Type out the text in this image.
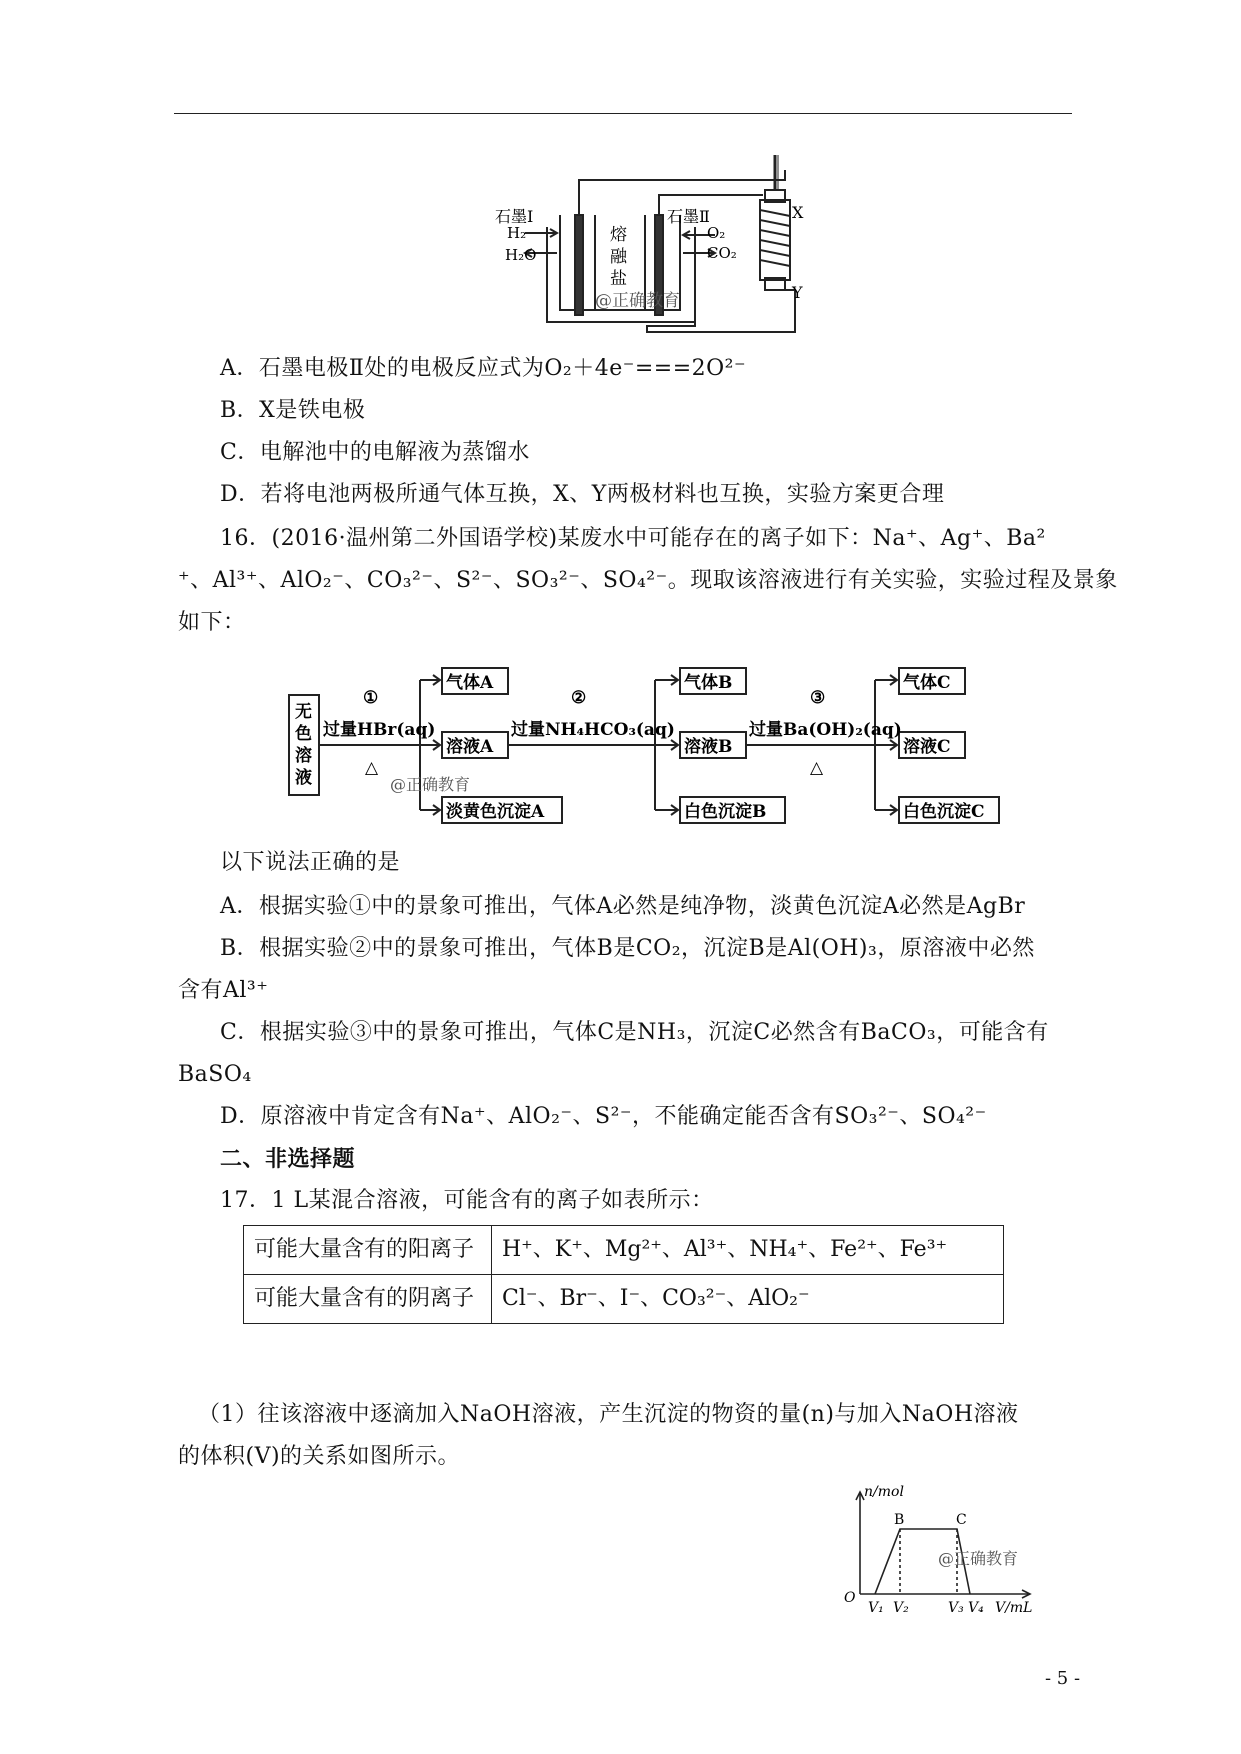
石墨Ⅰ	石墨Ⅱ
H₂
H₂O
O₂
CO₂
熔
融
盐
X
Y
@正确教育
A．石墨电极Ⅱ处的电极反应式为O₂＋4e⁻===2O²⁻
B．X是铁电极
C．电解池中的电解液为蒸馏水
D．若将电池两极所通气体互换，X、Y两极材料也互换，实验方案更合理
16．(2016·温州第二外国语学校)某废水中可能存在的离子如下：Na⁺、Ag⁺、Ba²
⁺、Al³⁺、AlO₂⁻、CO₃²⁻、S²⁻、SO₃²⁻、SO₄²⁻。现取该溶液进行有关实验，实验过程及景象
如下：
无
色
溶
液
①
过量HBr(aq)
△
气体A
溶液A
淡黄色沉淀A
②
过量NH₄HCO₃(aq)
气体B
溶液B
白色沉淀B
③
过量Ba(OH)₂(aq)
△
气体C
溶液C
白色沉淀C
@正确教育
以下说法正确的是
A．根据实验①中的景象可推出，气体A必然是纯净物，淡黄色沉淀A必然是AgBr
B．根据实验②中的景象可推出，气体B是CO₂，沉淀B是Al(OH)₃，原溶液中必然
含有Al³⁺
C．根据实验③中的景象可推出，气体C是NH₃，沉淀C必然含有BaCO₃，可能含有
BaSO₄
D．原溶液中肯定含有Na⁺、AlO₂⁻、S²⁻，不能确定能否含有SO₃²⁻、SO₄²⁻
二、非选择题
17．1 L某混合溶液，可能含有的离子如表所示：
可能大量含有的阳离子	H⁺、K⁺、Mg²⁺、Al³⁺、NH₄⁺、Fe²⁺、Fe³⁺
可能大量含有的阴离子	Cl⁻、Br⁻、I⁻、CO₃²⁻、AlO₂⁻
（1）往该溶液中逐滴加入NaOH溶液，产生沉淀的物资的量(n)与加入NaOH溶液
的体积(V)的关系如图所示。
n/mol
V/mL
O
V₁ V₂	V₃ V₄
B	C
@正确教育
- 5 -
